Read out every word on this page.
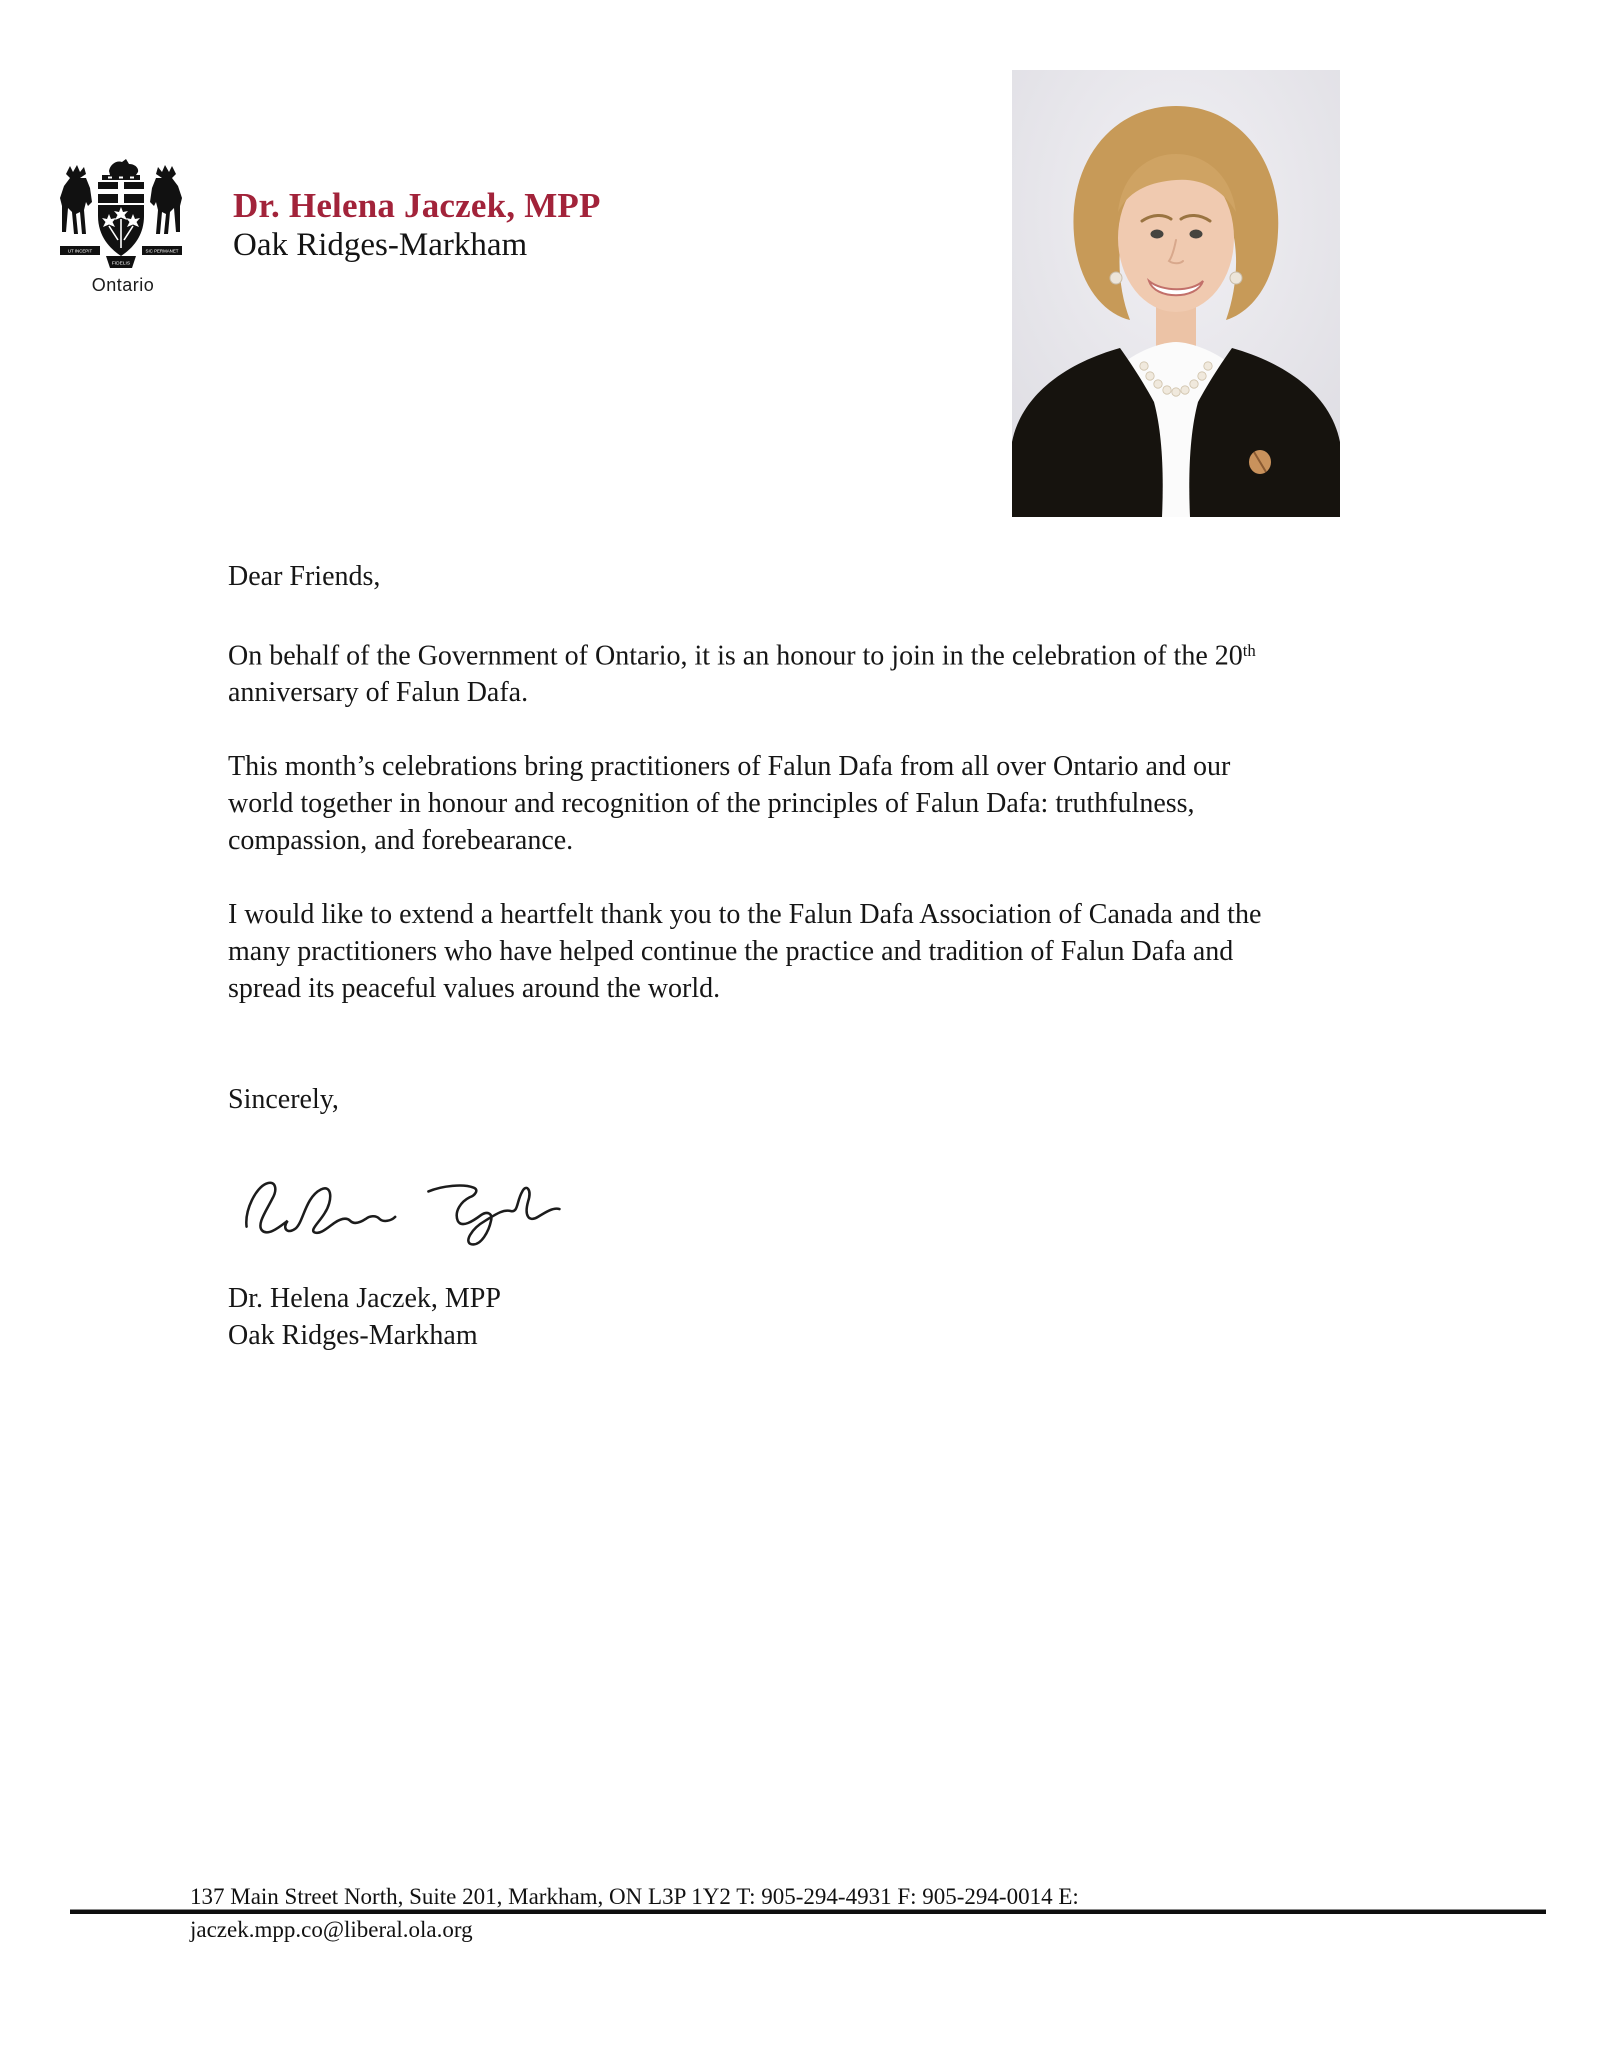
UT INCEPIT	SIC PERMANET
FIDELIS
Ontario
Dr. Helena Jaczek, MPP
Oak Ridges-Markham
Dear Friends,
On behalf of the Government of Ontario, it is an honour to join in the celebration of the 20th
anniversary of Falun Dafa.
This month’s celebrations bring practitioners of Falun Dafa from all over Ontario and our
world together in honour and recognition of the principles of Falun Dafa: truthfulness,
compassion, and forebearance.
I would like to extend a heartfelt thank you to the Falun Dafa Association of Canada and the
many practitioners who have helped continue the practice and tradition of Falun Dafa and
spread its peaceful values around the world.
Sincerely,
Dr. Helena Jaczek, MPP
Oak Ridges-Markham
137 Main Street North, Suite 201, Markham, ON L3P 1Y2 T: 905-294-4931 F: 905-294-0014 E:
jaczek.mpp.co@liberal.ola.org
